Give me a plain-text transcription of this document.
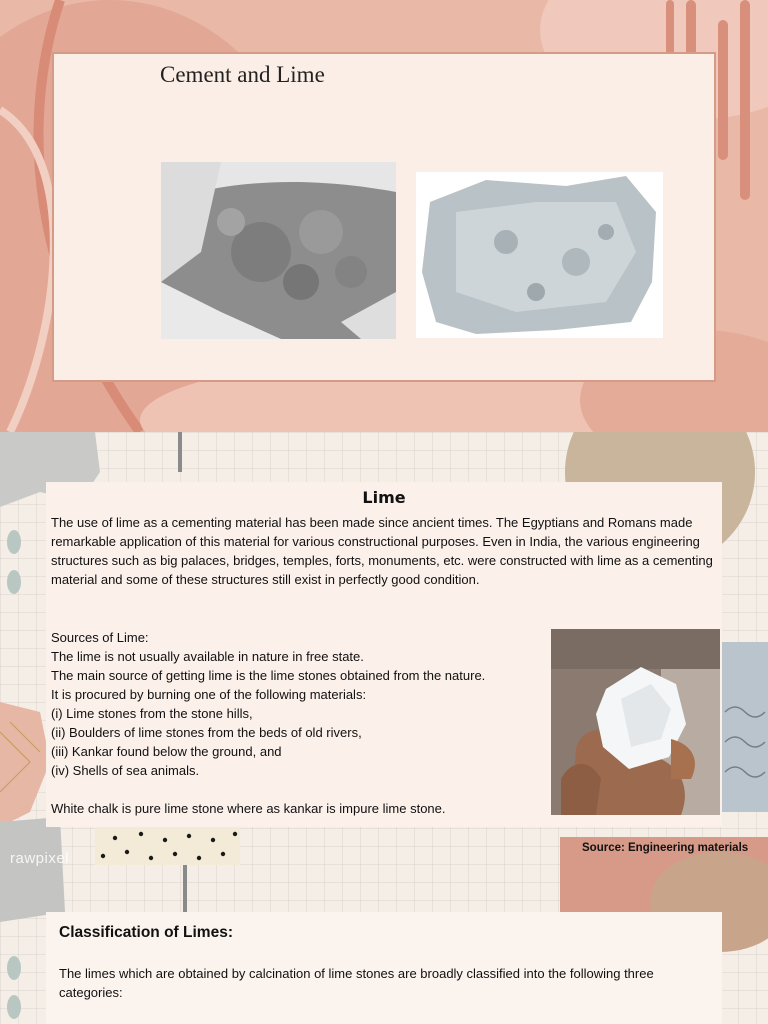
Cement and Lime
Lime

The use of lime as a cementing material has been made since ancient times. The Egyptians and Romans made remarkable application of this material for various constructional purposes. Even in India, the various engineering structures such as big palaces, bridges, temples, forts, monuments, etc. were constructed with lime as a cementing material and some of these structures still exist in perfectly good condition.

Sources of Lime:
The lime is not usually available in nature in free state.
The main source of getting lime is the lime stones obtained from the nature.
It is procured by burning one of the following materials:
(i) Lime stones from the stone hills,
(ii) Boulders of lime stones from the beds of old rivers,
(iii) Kankar found below the ground, and
(iv) Shells of sea animals.

White chalk is pure lime stone where as kankar is impure lime stone.
rawpixel
Source: Engineering materials
Classification of Limes:
The limes which are obtained by calcination of lime stones are broadly classified into the following three categories:
